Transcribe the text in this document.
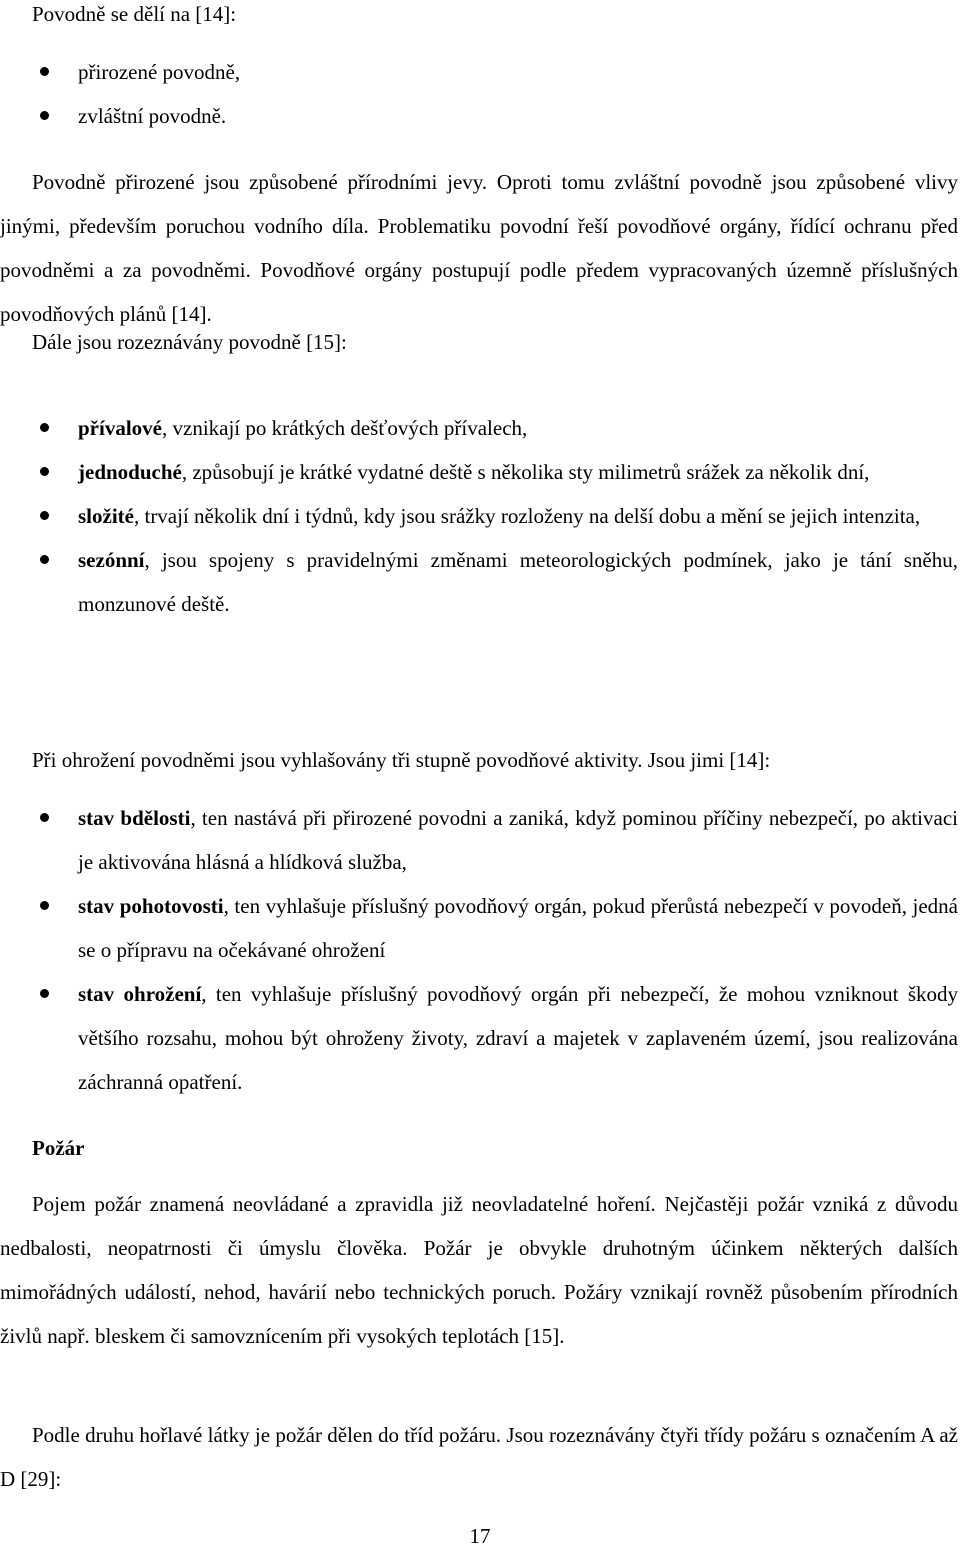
Povodně se dělí na [14]:

přirozené povodně,
zvláštní povodně.

Povodně přirozené jsou způsobené přírodními jevy. Oproti tomu zvláštní povodně jsou způsobené vlivy jinými, především poruchou vodního díla. Problematiku povodní řeší povodňové orgány, řídící ochranu před povodněmi a za povodněmi. Povodňové orgány postupují podle předem vypracovaných územně příslušných povodňových plánů [14].

Dále jsou rozeznávány povodně [15]:

přívalové, vznikají po krátkých dešťových přívalech,
jednoduché, způsobují je krátké vydatné deště s několika sty milimetrů srážek za několik dní,
složité, trvají několik dní i týdnů, kdy jsou srážky rozloženy na delší dobu a mění se jejich intenzita,
sezónní, jsou spojeny s pravidelnými změnami meteorologických podmínek, jako je tání sněhu, monzunové deště.

Při ohrožení povodněmi jsou vyhlašovány tři stupně povodňové aktivity. Jsou jimi [14]:

stav bdělosti, ten nastává při přirozené povodni a zaniká, když pominou příčiny nebezpečí, po aktivaci je aktivována hlásná a hlídková služba,
stav pohotovosti, ten vyhlašuje příslušný povodňový orgán, pokud přerůstá nebezpečí v povodeň, jedná se o přípravu na očekávané ohrožení
stav ohrožení, ten vyhlašuje příslušný povodňový orgán při nebezpečí, že mohou vzniknout škody většího rozsahu, mohou být ohroženy životy, zdraví a majetek v zaplaveném území, jsou realizována záchranná opatření.
Požár

Pojem požár znamená neovládané a zpravidla již neovladatelné hoření. Nejčastěji požár vzniká z důvodu nedbalosti, neopatrnosti či úmyslu člověka. Požár je obvykle druhotným účinkem některých dalších mimořádných událostí, nehod, havárií nebo technických poruch. Požáry vznikají rovněž působením přírodních živlů např. bleskem či samovznícením při vysokých teplotách [15].

Podle druhu hořlavé látky je požár dělen do tříd požáru. Jsou rozeznávány čtyři třídy požáru s označením A až D [29]:

17
